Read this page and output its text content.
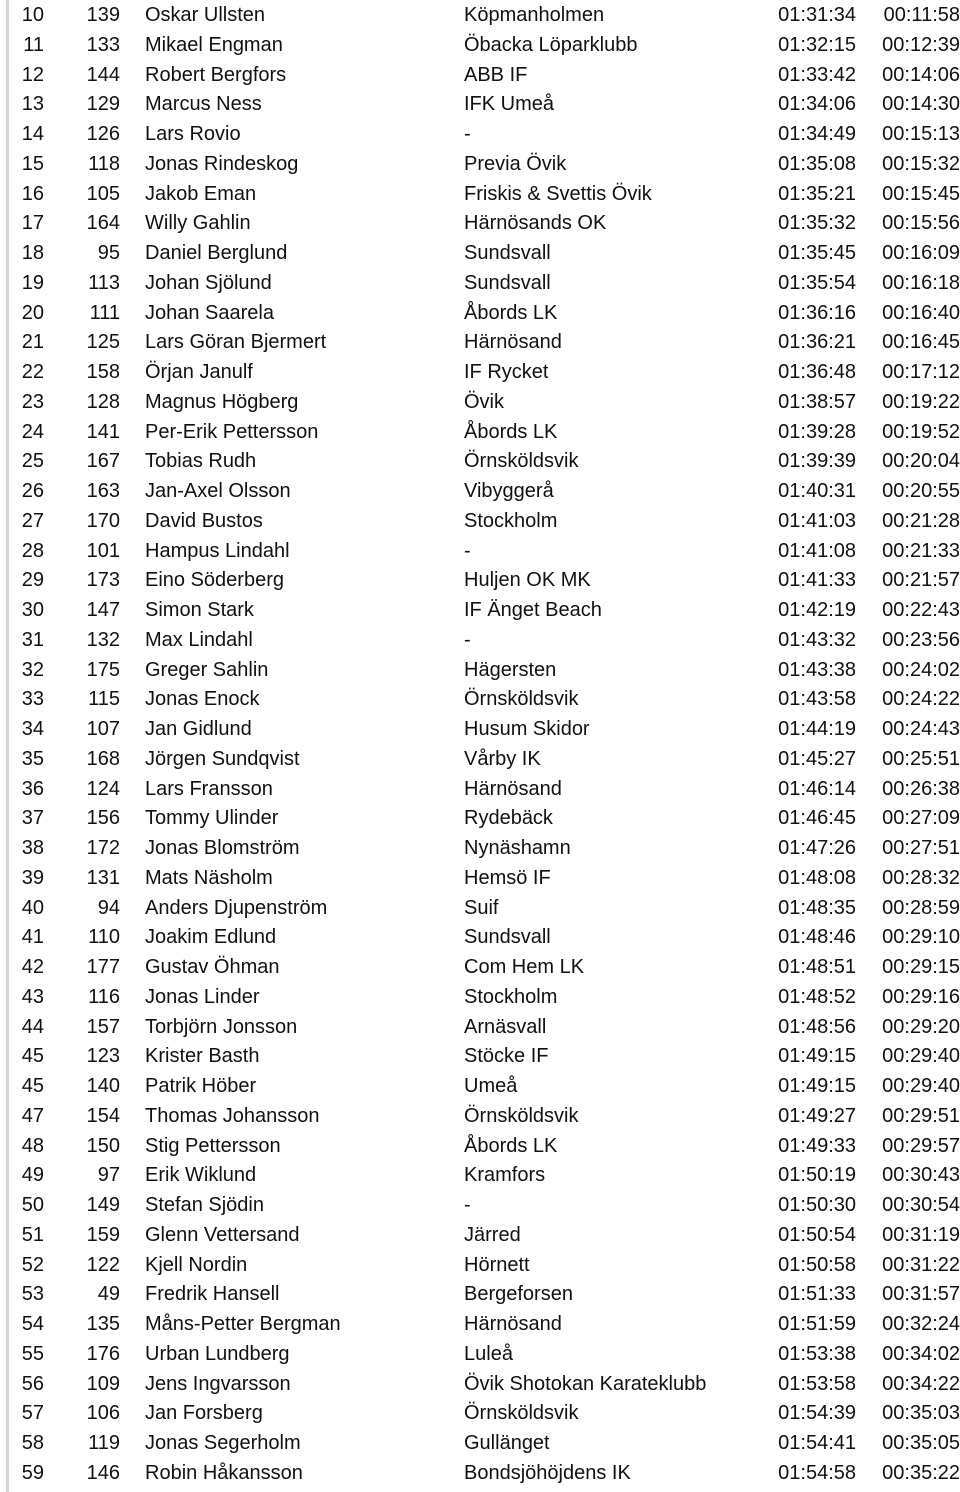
10	139 Oskar Ullsten	Köpmanholmen	01:31:34	00:11:58
11	133 Mikael Engman	Öbacka Löparklubb	01:32:15	00:12:39
12	144 Robert Bergfors	ABB IF	01:33:42	00:14:06
13	129 Marcus Ness	IFK Umeå	01:34:06	00:14:30
14	126 Lars Rovio	-	01:34:49	00:15:13
15	118 Jonas Rindeskog	Previa Övik	01:35:08	00:15:32
16	105 Jakob Eman	Friskis & Svettis Övik	01:35:21	00:15:45
17	164 Willy Gahlin	Härnösands OK	01:35:32	00:15:56
18	95 Daniel Berglund	Sundsvall	01:35:45	00:16:09
19	113 Johan Sjölund	Sundsvall	01:35:54	00:16:18
20	111 Johan Saarela	Åbords LK	01:36:16	00:16:40
21	125 Lars Göran Bjermert	Härnösand	01:36:21	00:16:45
22	158 Örjan Janulf	IF Rycket	01:36:48	00:17:12
23	128 Magnus Högberg	Övik	01:38:57	00:19:22
24	141 Per-Erik Pettersson	Åbords LK	01:39:28	00:19:52
25	167 Tobias Rudh	Örnsköldsvik	01:39:39	00:20:04
26	163 Jan-Axel Olsson	Vibyggerå	01:40:31	00:20:55
27	170 David Bustos	Stockholm	01:41:03	00:21:28
28	101 Hampus Lindahl	-	01:41:08	00:21:33
29	173 Eino Söderberg	Huljen OK MK	01:41:33	00:21:57
30	147 Simon Stark	IF Änget Beach	01:42:19	00:22:43
31	132 Max Lindahl	-	01:43:32	00:23:56
32	175 Greger Sahlin	Hägersten	01:43:38	00:24:02
33	115 Jonas Enock	Örnsköldsvik	01:43:58	00:24:22
34	107 Jan Gidlund	Husum Skidor	01:44:19	00:24:43
35	168 Jörgen Sundqvist	Vårby IK	01:45:27	00:25:51
36	124 Lars Fransson	Härnösand	01:46:14	00:26:38
37	156 Tommy Ulinder	Rydebäck	01:46:45	00:27:09
38	172 Jonas Blomström	Nynäshamn	01:47:26	00:27:51
39	131 Mats Näsholm	Hemsö IF	01:48:08	00:28:32
40	94 Anders Djupenström	Suif	01:48:35	00:28:59
41	110 Joakim Edlund	Sundsvall	01:48:46	00:29:10
42	177 Gustav Öhman	Com Hem LK	01:48:51	00:29:15
43	116 Jonas Linder	Stockholm	01:48:52	00:29:16
44	157 Torbjörn Jonsson	Arnäsvall	01:48:56	00:29:20
45	123 Krister Basth	Stöcke IF	01:49:15	00:29:40
45	140 Patrik Höber	Umeå	01:49:15	00:29:40
47	154 Thomas Johansson	Örnsköldsvik	01:49:27	00:29:51
48	150 Stig Pettersson	Åbords LK	01:49:33	00:29:57
49	97 Erik Wiklund	Kramfors	01:50:19	00:30:43
50	149 Stefan Sjödin	-	01:50:30	00:30:54
51	159 Glenn Vettersand	Järred	01:50:54	00:31:19
52	122 Kjell Nordin	Hörnett	01:50:58	00:31:22
53	49 Fredrik Hansell	Bergeforsen	01:51:33	00:31:57
54	135 Måns-Petter Bergman	Härnösand	01:51:59	00:32:24
55	176 Urban Lundberg	Luleå	01:53:38	00:34:02
56	109 Jens Ingvarsson	Övik Shotokan Karateklubb	01:53:58	00:34:22
57	106 Jan Forsberg	Örnsköldsvik	01:54:39	00:35:03
58	119 Jonas Segerholm	Gullänget	01:54:41	00:35:05
59	146 Robin Håkansson	Bondsjöhöjdens IK	01:54:58	00:35:22
